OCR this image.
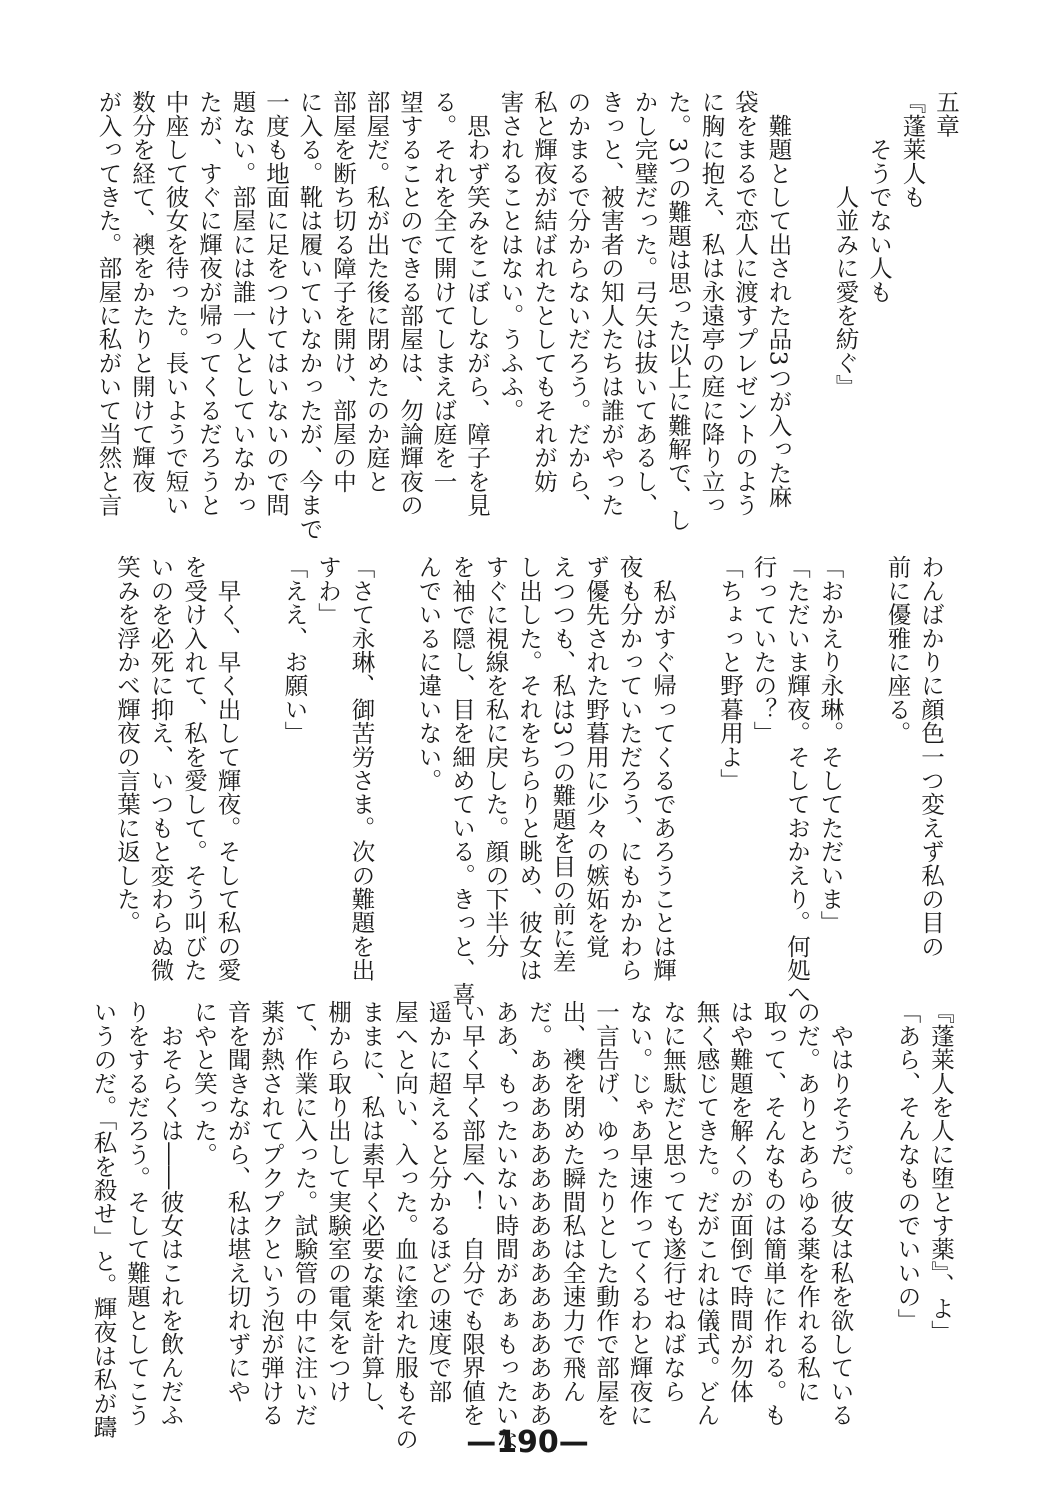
五章
『蓬莱人も
　　そうでない人も
　　　　人並みに愛を紡ぐ』

　難題として出された品3つが入った麻
袋をまるで恋人に渡すプレゼントのよう
に胸に抱え、私は永遠亭の庭に降り立っ
た。3つの難題は思った以上に難解で、し
かし完璧だった。弓矢は抜いてあるし、
きっと、被害者の知人たちは誰がやった
のかまるで分からないだろう。だから、
私と輝夜が結ばれたとしてもそれが妨
害されることはない。うふふ。
　思わず笑みをこぼしながら、障子を見
る。それを全て開けてしまえば庭を一
望することのできる部屋は、勿論輝夜の
部屋だ。私が出た後に閉めたのか庭と
部屋を断ち切る障子を開け、部屋の中
に入る。靴は履いていなかったが、今まで
一度も地面に足をつけてはいないので問
題ない。部屋には誰一人としていなかっ
たが、すぐに輝夜が帰ってくるだろうと
中座して彼女を待った。長いようで短い
数分を経て、襖をかたりと開けて輝夜
が入ってきた。部屋に私がいて当然と言
わんばかりに顔色一つ変えず私の目の
前に優雅に座る。

「おかえり永琳。そしてただいま」
「ただいま輝夜。そしておかえり。何処へ
行っていたの？」
「ちょっと野暮用よ」

　私がすぐ帰ってくるであろうことは輝
夜も分かっていただろう、にもかかわら
ず優先された野暮用に少々の嫉妬を覚
えつつも、私は3つの難題を目の前に差
し出した。それをちらりと眺め、彼女は
すぐに視線を私に戻した。顔の下半分
を袖で隠し、目を細めている。きっと、喜
んでいるに違いない。

「さて永琳、御苦労さま。次の難題を出
すわ」
「ええ、お願い」

　早く、早く出して輝夜。そして私の愛
を受け入れて、私を愛して。そう叫びた
いのを必死に抑え、いつもと変わらぬ微
笑みを浮かべ輝夜の言葉に返した。
『蓬莱人を人に堕とす薬』、よ」
「あら、そんなものでいいの」

　やはりそうだ。彼女は私を欲している
のだ。ありとあらゆる薬を作れる私に
取って、そんなものは簡単に作れる。も
はや難題を解くのが面倒で時間が勿体
無く感じてきた。だがこれは儀式。どん
なに無駄だと思っても遂行せねばなら
ない。じゃあ早速作ってくるわと輝夜に
一言告げ、ゆったりとした動作で部屋を
出、襖を閉めた瞬間私は全速力で飛ん
だ。ああああああああああああああああ
ああ、もったいない時間があぁもったいな
い早く早く部屋へ！　自分でも限界値を
遥かに超えると分かるほどの速度で部
屋へと向い、入った。血に塗れた服もその
ままに、私は素早く必要な薬を計算し、
棚から取り出して実験室の電気をつけ
て、作業に入った。試験管の中に注いだ
薬が熱されてプクプクという泡が弾ける
音を聞きながら、私は堪え切れずにや
にやと笑った。
　おそらくは――彼女はこれを飲んだふ
りをするだろう。そして難題としてこう
いうのだ。「私を殺せ」と。輝夜は私が躊
—190—
